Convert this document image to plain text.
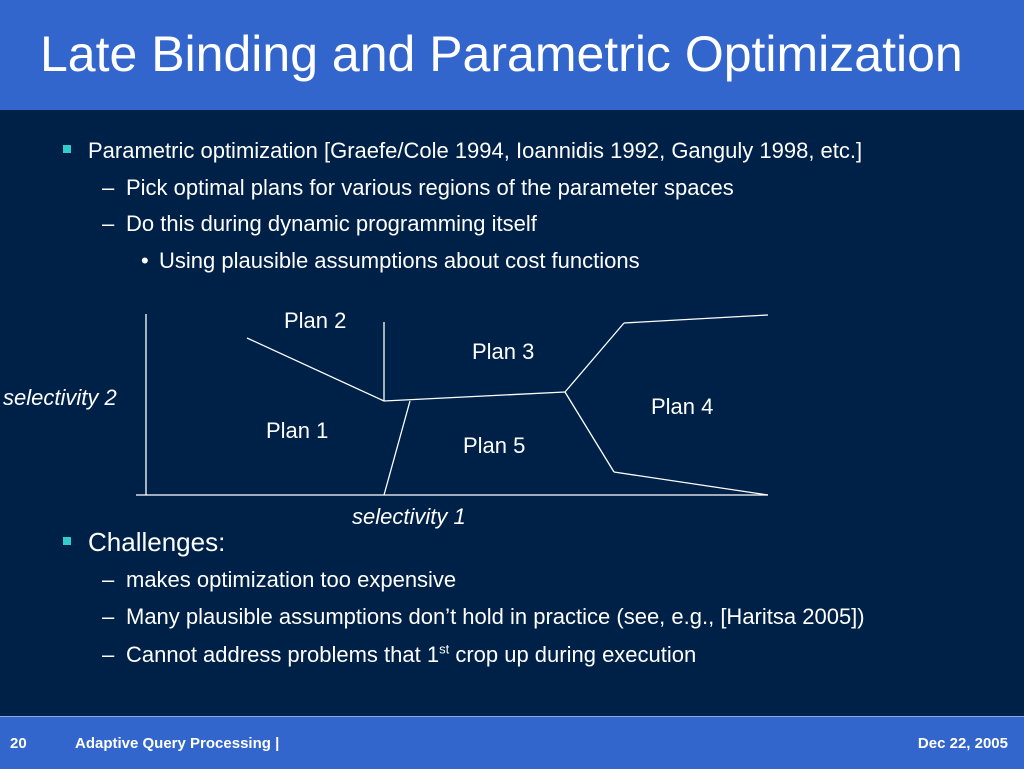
Late Binding and Parametric Optimization
Parametric optimization [Graefe/Cole 1994, Ioannidis 1992, Ganguly 1998, etc.]
– Pick optimal plans for various regions of the parameter spaces
– Do this during dynamic programming itself
• Using plausible assumptions about cost functions
Plan 2
Plan 3
selectivity 2	Plan 4
Plan 1
Plan 5
selectivity 1
Challenges:
– makes optimization too expensive
– Many plausible assumptions don’t hold in practice (see, e.g., [Haritsa 2005])
– Cannot address problems that 1st crop up during execution
20	Adaptive Query Processing |	Dec 22, 2005
